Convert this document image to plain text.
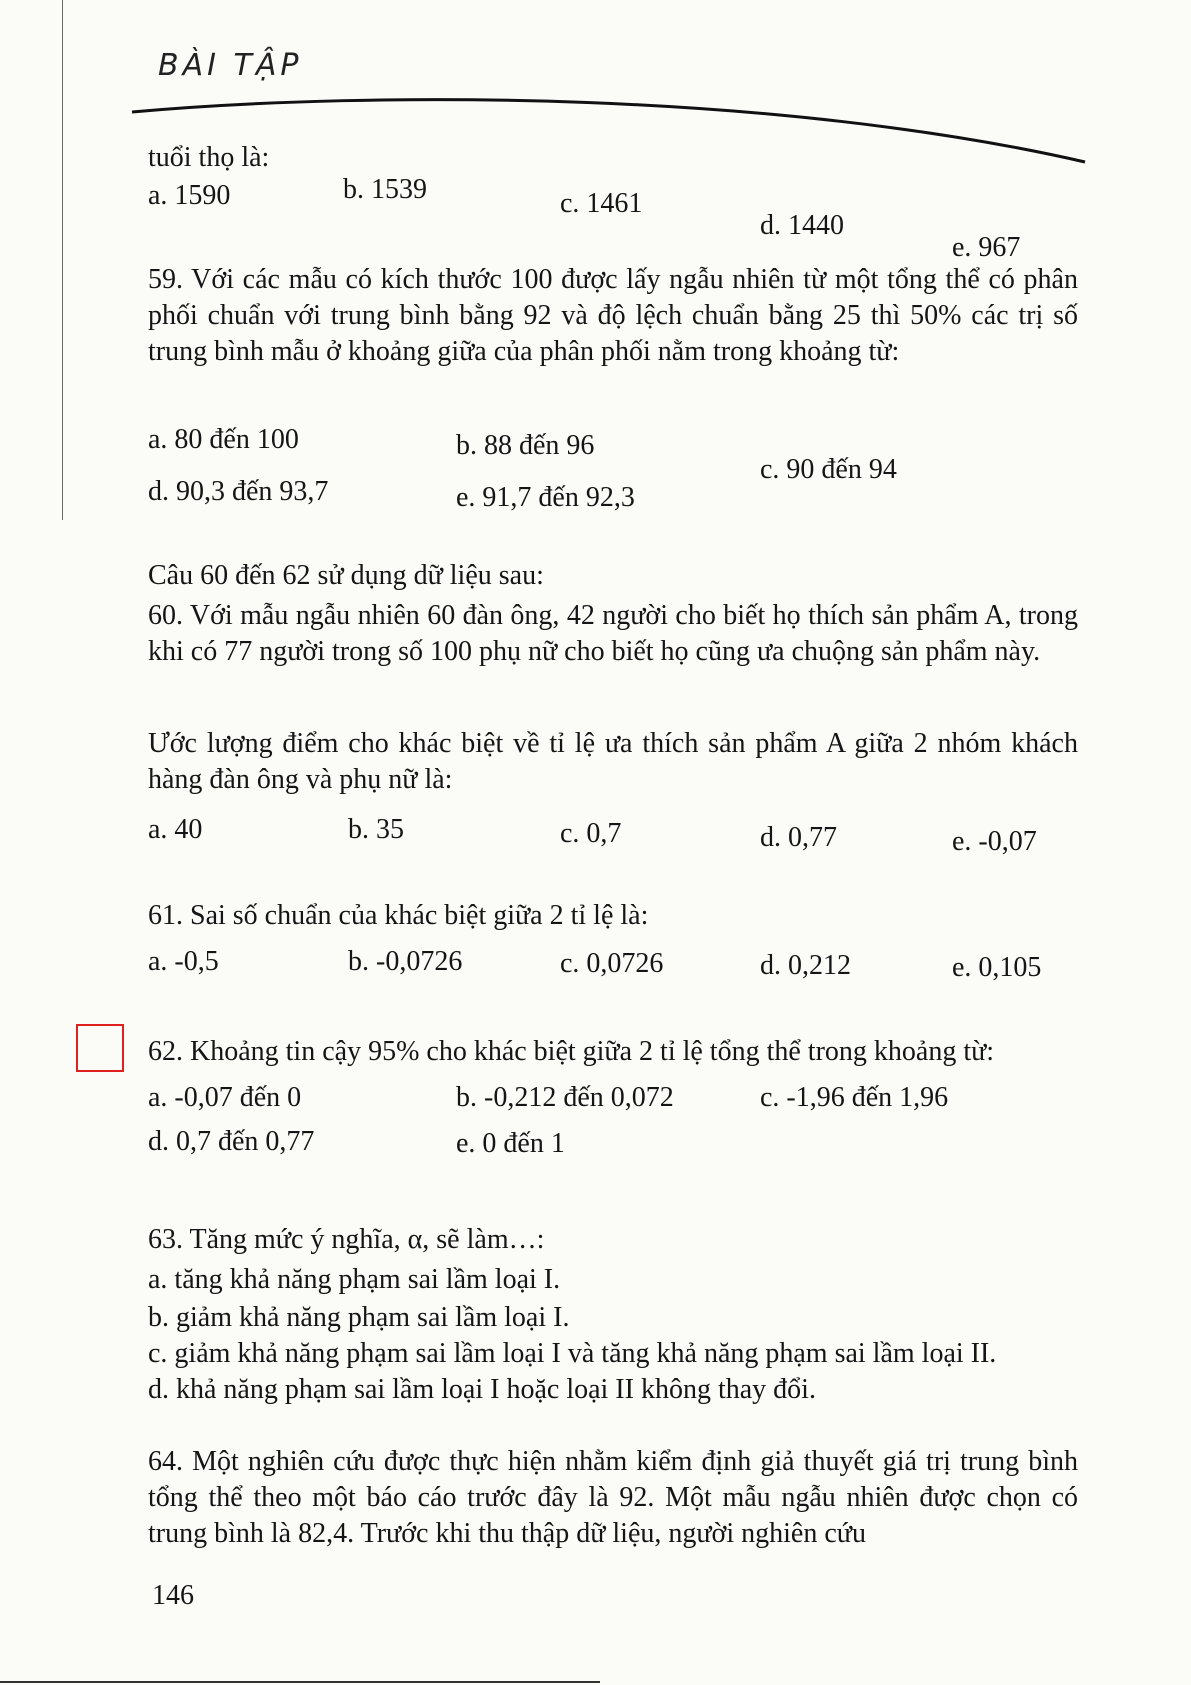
BÀI TẬP
tuổi thọ là:
a. 1590	b. 1539	c. 1461
d. 1440
e. 967
59. Với các mẫu có kích thước 100 được lấy ngẫu nhiên từ một tổng thể có phân phối chuẩn với trung bình bằng 92 và độ lệch chuẩn bằng 25 thì 50% các trị số trung bình mẫu ở khoảng giữa của phân phối nằm trong khoảng từ:
a. 80 đến 100	b. 88 đến 96
c. 90 đến 94
d. 90,3 đến 93,7	e. 91,7 đến 92,3
Câu 60 đến 62 sử dụng dữ liệu sau:
60. Với mẫu ngẫu nhiên 60 đàn ông, 42 người cho biết họ thích sản phẩm A, trong khi có 77 người trong số 100 phụ nữ cho biết họ cũng ưa chuộng sản phẩm này.
Ước lượng điểm cho khác biệt về tỉ lệ ưa thích sản phẩm A giữa 2 nhóm khách hàng đàn ông và phụ nữ là:
a. 40	b. 35	c. 0,7	d. 0,77	e. -0,07
61. Sai số chuẩn của khác biệt giữa 2 tỉ lệ là:
a. -0,5	b. -0,0726	c. 0,0726	d. 0,212	e. 0,105
62. Khoảng tin cậy 95% cho khác biệt giữa 2 tỉ lệ tổng thể trong khoảng từ:
a. -0,07 đến 0	b. -0,212 đến 0,072	c. -1,96 đến 1,96
d. 0,7 đến 0,77	e. 0 đến 1
63. Tăng mức ý nghĩa, α, sẽ làm…:
a. tăng khả năng phạm sai lầm loại I.
b. giảm khả năng phạm sai lầm loại I.
c. giảm khả năng phạm sai lầm loại I và tăng khả năng phạm sai lầm loại II.
d. khả năng phạm sai lầm loại I hoặc loại II không thay đổi.
64. Một nghiên cứu được thực hiện nhằm kiểm định giả thuyết giá trị trung bình tổng thể theo một báo cáo trước đây là 92. Một mẫu ngẫu nhiên được chọn có trung bình là 82,4. Trước khi thu thập dữ liệu, người nghiên cứu
146
